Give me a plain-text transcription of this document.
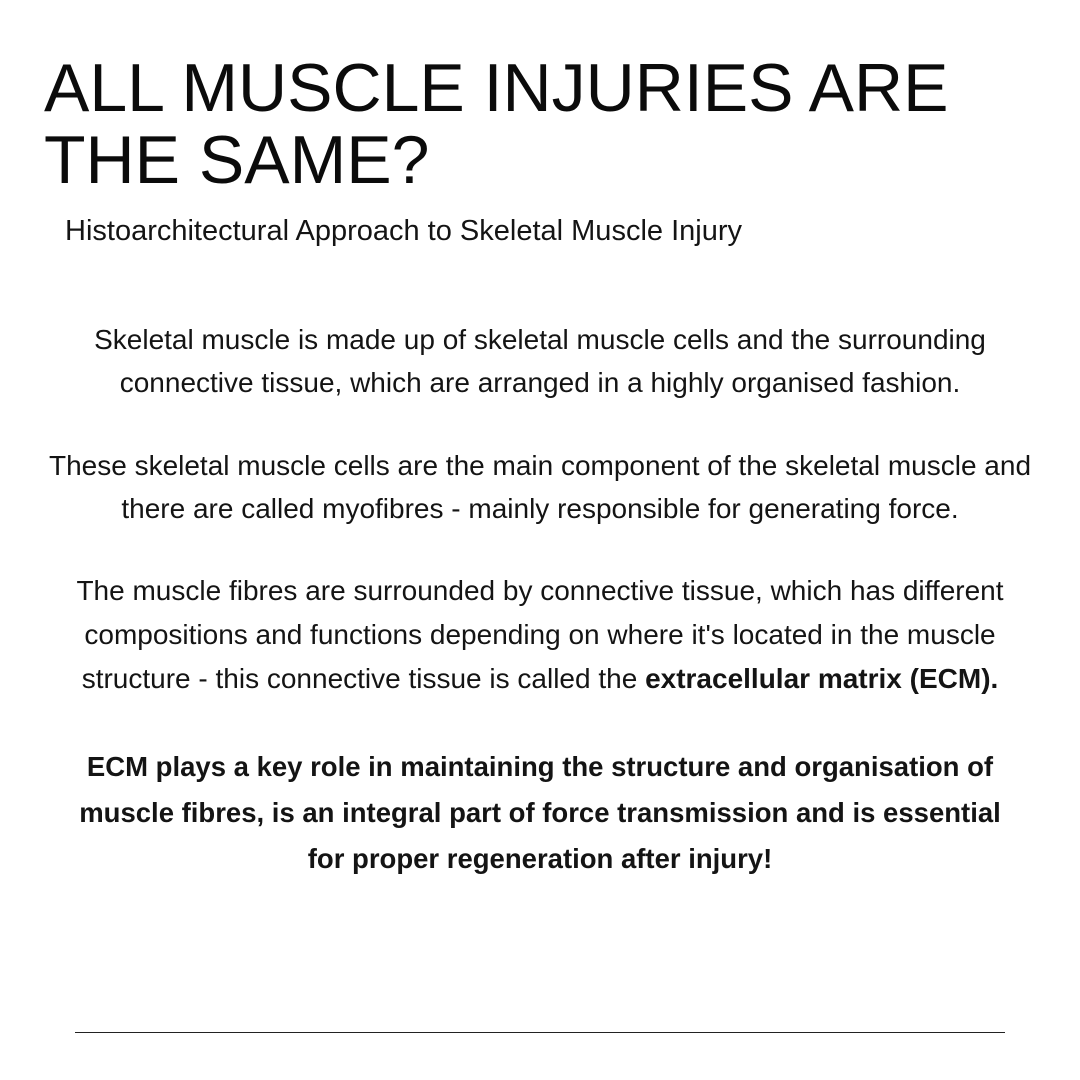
ALL MUSCLE INJURIES ARE
THE SAME?

Histoarchitectural Approach to Skeletal Muscle Injury

Skeletal muscle is made up of skeletal muscle cells and the surrounding
connective tissue, which are arranged in a highly organised fashion.

These skeletal muscle cells are the main component of the skeletal muscle and
there are called myofibres - mainly responsible for generating force.

The muscle fibres are surrounded by connective tissue, which has different
compositions and functions depending on where it's located in the muscle
structure - this connective tissue is called the extracellular matrix (ECM).

ECM plays a key role in maintaining the structure and organisation of
muscle fibres, is an integral part of force transmission and is essential
for proper regeneration after injury!
